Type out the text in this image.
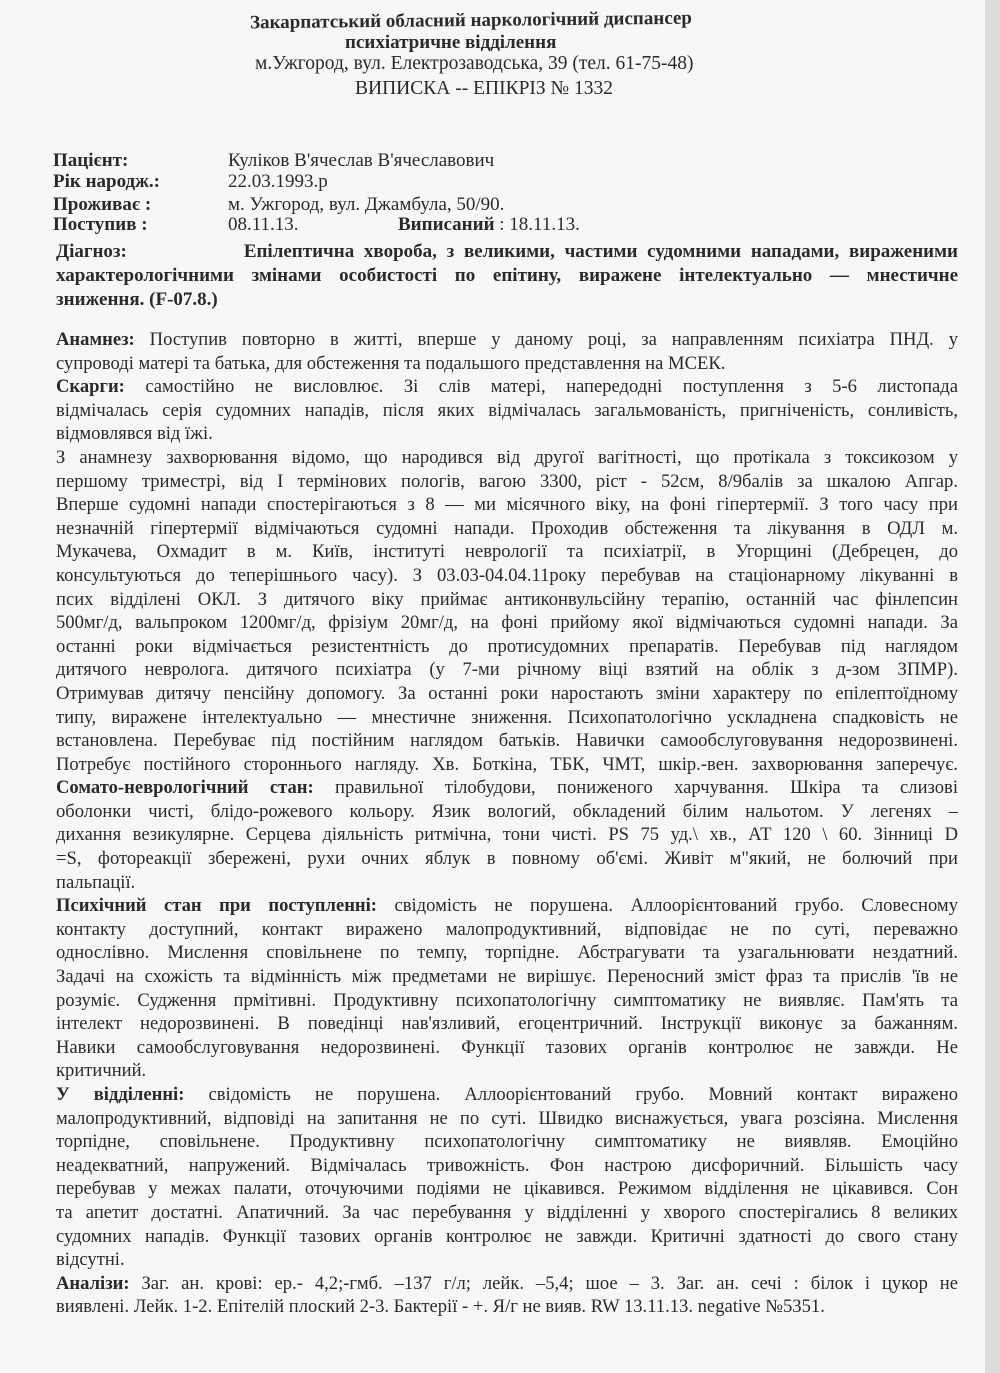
Закарпатський обласний наркологічний диспансер
психіатричне відділення
м.Ужгород, вул. Електрозаводська, 39 (тел. 61-75-48)
ВИПИСКА -- ЕПІКРІЗ № 1332
Пацієнт:	Куліков В'ячеслав В'ячеславович
Рік народж.:	22.03.1993.р
Проживає :	м. Ужгород, вул. Джамбула, 50/90.
Поступив :	08.11.13.	Виписаний : 18.11.13.
Діагноз:	Епілептична хвороба, з великими, частими судомними нападами, вираженими
характерологічними змінами особистості по епітину, виражене інтелектуально — мнестичне
зниження. (F-07.8.)
Анамнез: Поступив повторно в житті, вперше у даному році, за направленням психіатра ПНД. у
супроводі матері та батька, для обстеження та подальшого представлення на МСЕК.
Скарги: самостійно не висловлює. Зі слів матері, напередодні поступлення з 5-6 листопада
відмічалась серія судомних нападів, після яких відмічалась загальмованість, пригніченість, сонливість,
відмовлявся від їжі.
З анамнезу захворювання відомо, що народився від другої вагітності, що протікала з токсикозом у
першому триместрі, від І термінових пологів, вагою 3300, ріст - 52см, 8/9балів за шкалою Апгар.
Вперше судомні напади спостерігаються з 8 — ми місячного віку, на фоні гіпертермії. З того часу при
незначній гіпертермії відмічаються судомні напади. Проходив обстеження та лікування в ОДЛ м.
Мукачева, Охмадит в м. Київ, інституті неврології та психіатрії, в Угорщині (Дебрецен, до
консультуються до теперішнього часу). З 03.03-04.04.11року перебував на стаціонарному лікуванні в
псих відділені ОКЛ. З дитячого віку приймає антиконвульсійну терапію, останній час фінлепсин
500мг/д, вальпроком 1200мг/д, фрізіум 20мг/д, на фоні прийому якої відмічаються судомні напади. За
останні роки відмічається резистентність до протисудомних препаратів. Перебував під наглядом
дитячого невролога. дитячого психіатра (у 7-ми річному віці взятий на облік з д-зом ЗПМР).
Отримував дитячу пенсійну допомогу. За останні роки наростають зміни характеру по епілептоїдному
типу, виражене інтелектуально — мнестичне зниження. Психопатологічно ускладнена спадковість не
встановлена. Перебуває під постійним наглядом батьків. Навички самообслуговування недорозвинені.
Потребує постійного стороннього нагляду. Хв. Боткіна, ТБК, ЧМТ, шкір.-вен. захворювання заперечує.
Сомато-неврологічний стан: правильної тілобудови, пониженого харчування. Шкіра та слизові
оболонки чисті, блідо-рожевого кольору. Язик вологий, обкладений білим нальотом. У легенях –
дихання везикулярне. Серцева діяльність ритмічна, тони чисті. PS 75 уд.\ хв., АТ 120 \ 60. Зінниці D
=S, фотореакції збережені, рухи очних яблук в повному об'ємі. Живіт м"який, не болючий при
пальпації.
Психічний стан при поступленні: свідомість не порушена. Аллоорієнтований грубо. Словесному
контакту доступний, контакт виражено малопродуктивний, відповідає не по суті, переважно
однослівно. Мислення сповільнене по темпу, торпідне. Абстрагувати та узагальнювати нездатний.
Задачі на схожість та відмінність між предметами не вирішує. Переносний зміст фраз та прислів 'їв не
розуміє. Судження прмітивні. Продуктивну психопатологічну симптоматику не виявляє. Пам'ять та
інтелект недорозвинені. В поведінці нав'язливий, егоцентричний. Інструкції виконує за бажанням.
Навики самообслуговування недорозвинені. Функції тазових органів контролює не завжди. Не
критичний.
У відділенні: свідомість не порушена. Аллоорієнтований грубо. Мовний контакт виражено
малопродуктивний, відповіді на запитання не по суті. Швидко виснажується, увага розсіяна. Мислення
торпідне, сповільнене. Продуктивну психопатологічну симптоматику не виявляв. Емоційно
неадекватний, напружений. Відмічалась тривожність. Фон настрою дисфоричний. Більшість часу
перебував у межах палати, оточуючими подіями не цікавився. Режимом відділення не цікавився. Сон
та апетит достатні. Апатичний. За час перебування у відділенні у хворого спостерігались 8 великих
судомних нападів. Функції тазових органів контролює не завжди. Критичні здатності до свого стану
відсутні.
Аналізи: Заг. ан. крові: ер.- 4,2;-гмб. –137 г/л; лейк. –5,4; шое – 3. Заг. ан. сечі : білок і цукор не
виявлені. Лейк. 1-2. Епітелій плоский 2-3. Бактерії - +. Я/г не вияв. RW 13.11.13. negative №5351.
